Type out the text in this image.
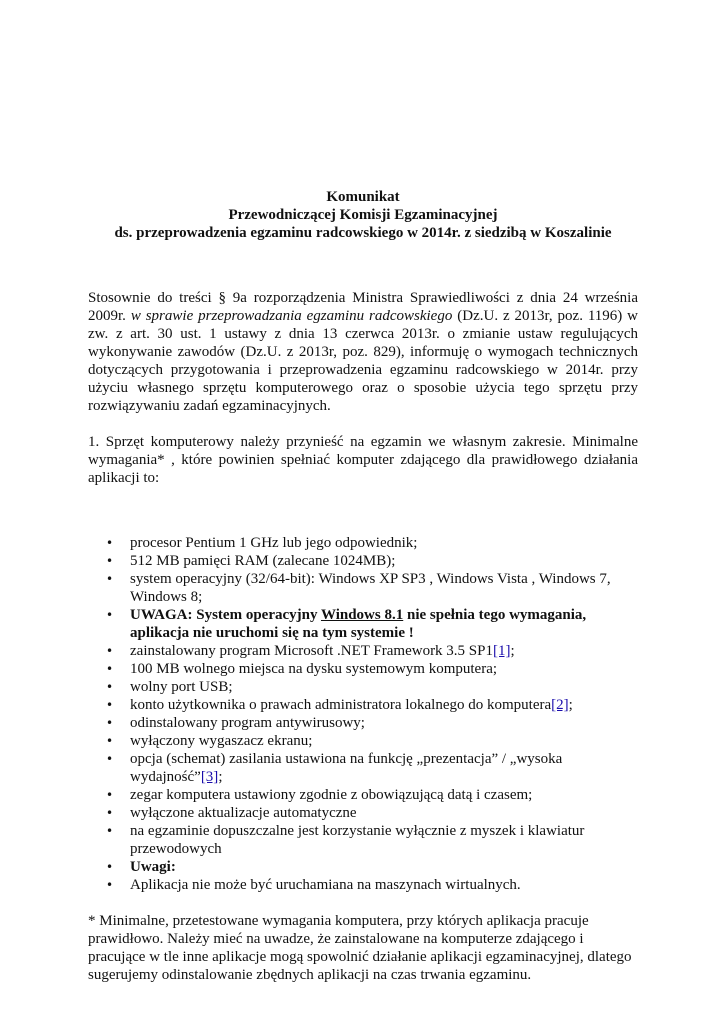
Komunikat
Przewodniczącej Komisji Egzaminacyjnej
ds. przeprowadzenia egzaminu radcowskiego w 2014r. z siedzibą w Koszalinie

Stosownie do treści § 9a rozporządzenia Ministra Sprawiedliwości z dnia 24 września 2009r. w sprawie przeprowadzania egzaminu radcowskiego (Dz.U. z 2013r, poz. 1196) w zw. z art. 30 ust. 1 ustawy z dnia 13 czerwca 2013r. o zmianie ustaw regulujących wykonywanie zawodów (Dz.U. z 2013r, poz. 829), informuję o wymogach technicznych dotyczących przygotowania i przeprowadzenia egzaminu radcowskiego w 2014r. przy użyciu własnego sprzętu komputerowego oraz o sposobie użycia tego sprzętu przy rozwiązywaniu zadań egzaminacyjnych.

1. Sprzęt komputerowy należy przynieść na egzamin we własnym zakresie. Minimalne wymagania* , które powinien spełniać komputer zdającego dla prawidłowego działania aplikacji to:

• procesor Pentium 1 GHz lub jego odpowiednik;
• 512 MB pamięci RAM (zalecane 1024MB);
• system operacyjny (32/64-bit): Windows XP SP3 , Windows Vista , Windows 7, Windows 8;
• UWAGA: System operacyjny Windows 8.1 nie spełnia tego wymagania, aplikacja nie uruchomi się na tym systemie !
• zainstalowany program Microsoft .NET Framework 3.5 SP1[1];
• 100 MB wolnego miejsca na dysku systemowym komputera;
• wolny port USB;
• konto użytkownika o prawach administratora lokalnego do komputera[2];
• odinstalowany program antywirusowy;
• wyłączony wygaszacz ekranu;
• opcja (schemat) zasilania ustawiona na funkcję „prezentacja” / „wysoka wydajność”[3];
• zegar komputera ustawiony zgodnie z obowiązującą datą i czasem;
• wyłączone aktualizacje automatyczne
• na egzaminie dopuszczalne jest korzystanie wyłącznie z myszek i klawiatur przewodowych
• Uwagi:
• Aplikacja nie może być uruchamiana na maszynach wirtualnych.

* Minimalne, przetestowane wymagania komputera, przy których aplikacja pracuje prawidłowo. Należy mieć na uwadze, że zainstalowane na komputerze zdającego i pracujące w tle inne aplikacje mogą spowolnić działanie aplikacji egzaminacyjnej, dlatego sugerujemy odinstalowanie zbędnych aplikacji na czas trwania egzaminu.
